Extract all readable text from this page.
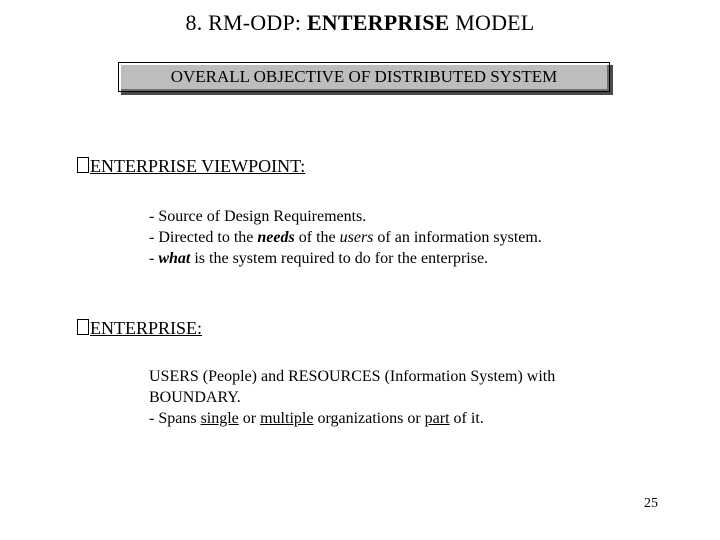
8. RM-ODP: ENTERPRISE MODEL
OVERALL OBJECTIVE OF DISTRIBUTED SYSTEM
ENTERPRISE VIEWPOINT:
- Source of Design Requirements.
- Directed to the needs of the users of an information system.
- what is the system required to do for the enterprise.
ENTERPRISE:
USERS (People) and RESOURCES (Information System) with
BOUNDARY.
- Spans single or multiple organizations or part of it.
25
